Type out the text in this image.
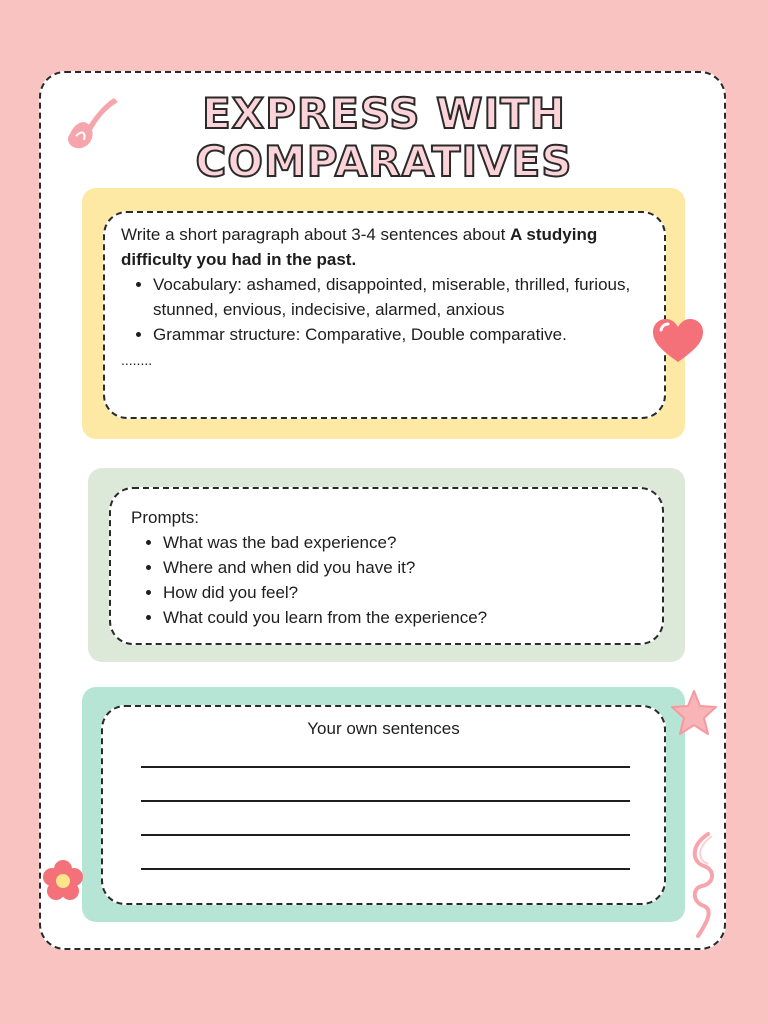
EXPRESS WITH
COMPARATIVES
Write a short paragraph about 3-4 sentences about A studying difficulty you had in the past.
• Vocabulary: ashamed, disappointed, miserable, thrilled, furious, stunned, envious, indecisive, alarmed, anxious
• Grammar structure: Comparative, Double comparative.
........
Prompts:
• What was the bad experience?
• Where and when did you have it?
• How did you feel?
• What could you learn from the experience?
Your own sentences
